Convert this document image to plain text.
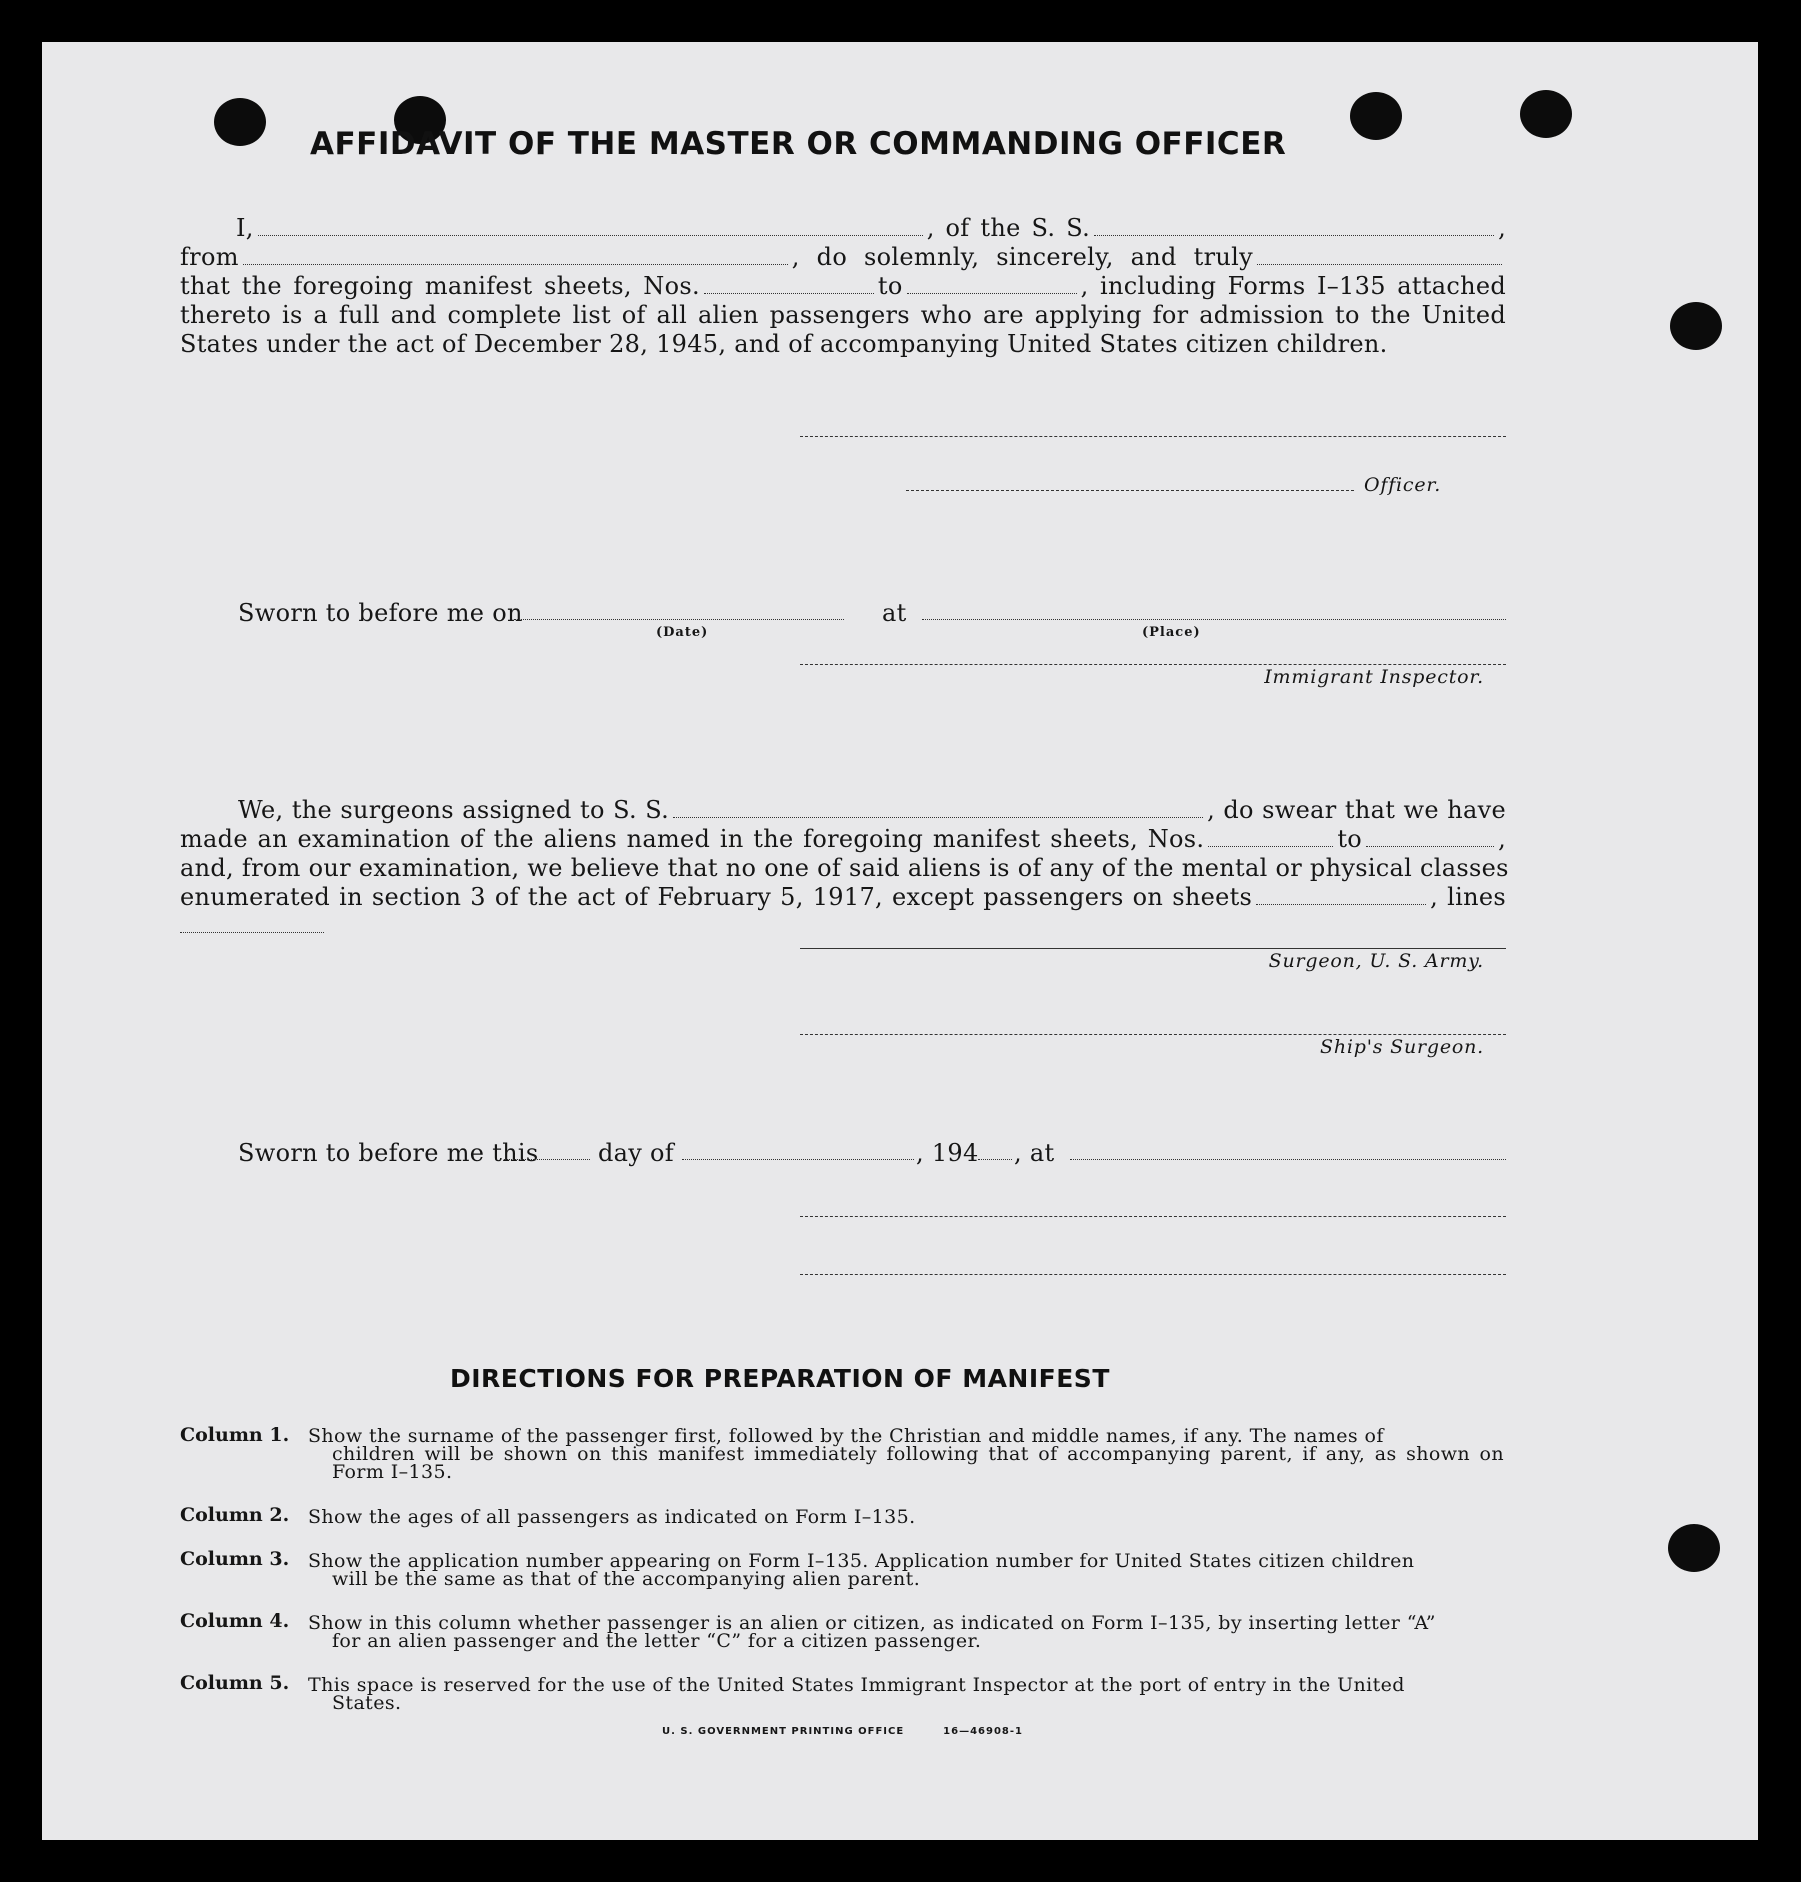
AFFIDAVIT OF THE MASTER OR COMMANDING OFFICER
I,	, of the S. S.	,
from	, do solemnly, sincerely, and truly
that the foregoing manifest sheets, Nos.	to	, including Forms I–135 attached
thereto is a full and complete list of all alien passengers who are applying for admission to the United
States under the act of December 28, 1945, and of accompanying United States citizen children.
Officer.
Sworn to before me on
(Date)
at
(Place)
Immigrant Inspector.
We, the surgeons assigned to S. S.	, do swear that we have
made an examination of the aliens named in the foregoing manifest sheets, Nos.	to	,
and, from our examination, we believe that no one of said aliens is of any of the mental or physical classes
enumerated in section 3 of the act of February 5, 1917, except passengers on sheets	, lines
Surgeon, U. S. Army.
Ship's Surgeon.
Sworn to before me this day of	, 194 , at
DIRECTIONS FOR PREPARATION OF MANIFEST
Column 1. Show the surname of the passenger first, followed by the Christian and middle names, if any. The names of
children will be shown on this manifest immediately following that of accompanying parent, if any, as shown on Form I–135.
Column 2. Show the ages of all passengers as indicated on Form I–135.
Column 3. Show the application number appearing on Form I–135. Application number for United States citizen children
will be the same as that of the accompanying alien parent.
Column 4. Show in this column whether passenger is an alien or citizen, as indicated on Form I–135, by inserting letter “A”
for an alien passenger and the letter “C” for a citizen passenger.
Column 5. This space is reserved for the use of the United States Immigrant Inspector at the port of entry in the United
States.
U. S. GOVERNMENT PRINTING OFFICE	16—46908-1
